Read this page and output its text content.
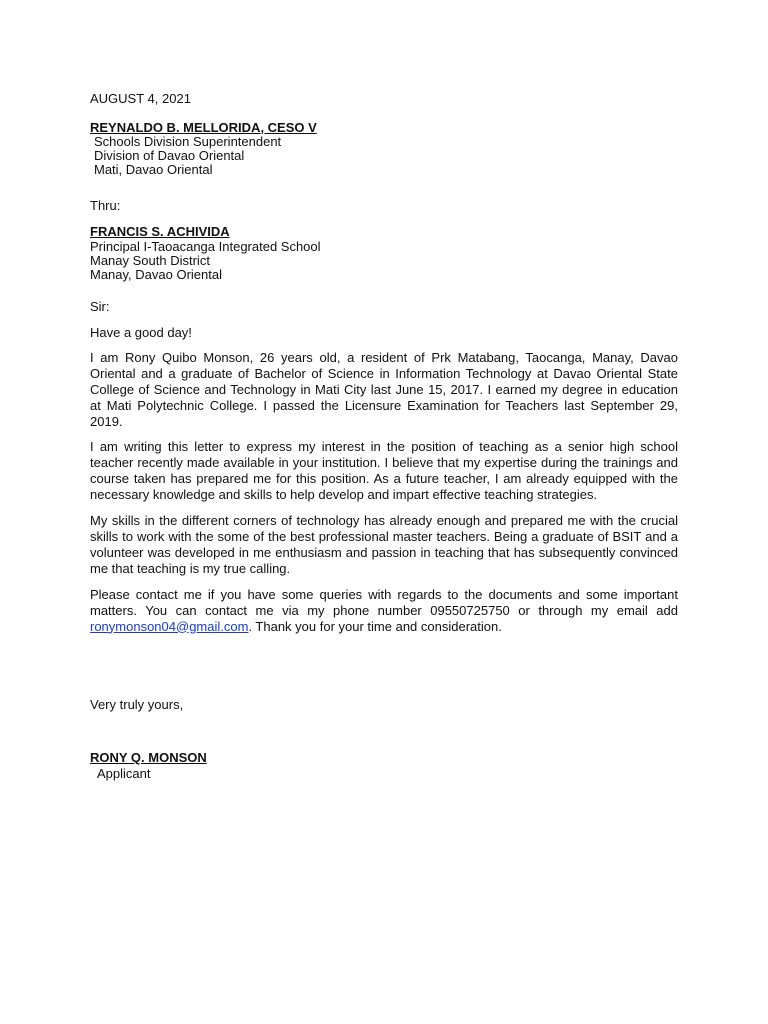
AUGUST 4, 2021
REYNALDO B. MELLORIDA, CESO V
Schools Division Superintendent
Division of Davao Oriental
Mati, Davao Oriental
Thru:
FRANCIS S. ACHIVIDA
Principal I-Taoacanga Integrated School
Manay South District
Manay, Davao Oriental
Sir:
Have a good day!

I am Rony Quibo Monson, 26 years old, a resident of Prk Matabang, Taocanga, Manay, Davao Oriental and a graduate of Bachelor of Science in Information Technology at Davao Oriental State College of Science and Technology in Mati City last June 15, 2017. I earned my degree in education at Mati Polytechnic College. I passed the Licensure Examination for Teachers last September 29, 2019.

I am writing this letter to express my interest in the position of teaching as a senior high school teacher recently made available in your institution. I believe that my expertise during the trainings and course taken has prepared me for this position. As a future teacher, I am already equipped with the necessary knowledge and skills to help develop and impart effective teaching strategies.

My skills in the different corners of technology has already enough and prepared me with the crucial skills to work with the some of the best professional master teachers. Being a graduate of BSIT and a volunteer was developed in me enthusiasm and passion in teaching that has subsequently convinced me that teaching is my true calling.

Please contact me if you have some queries with regards to the documents and some important matters. You can contact me via my phone number 09550725750 or through my email add ronymonson04@gmail.com. Thank you for your time and consideration.

Very truly yours,
RONY Q. MONSON
Applicant
